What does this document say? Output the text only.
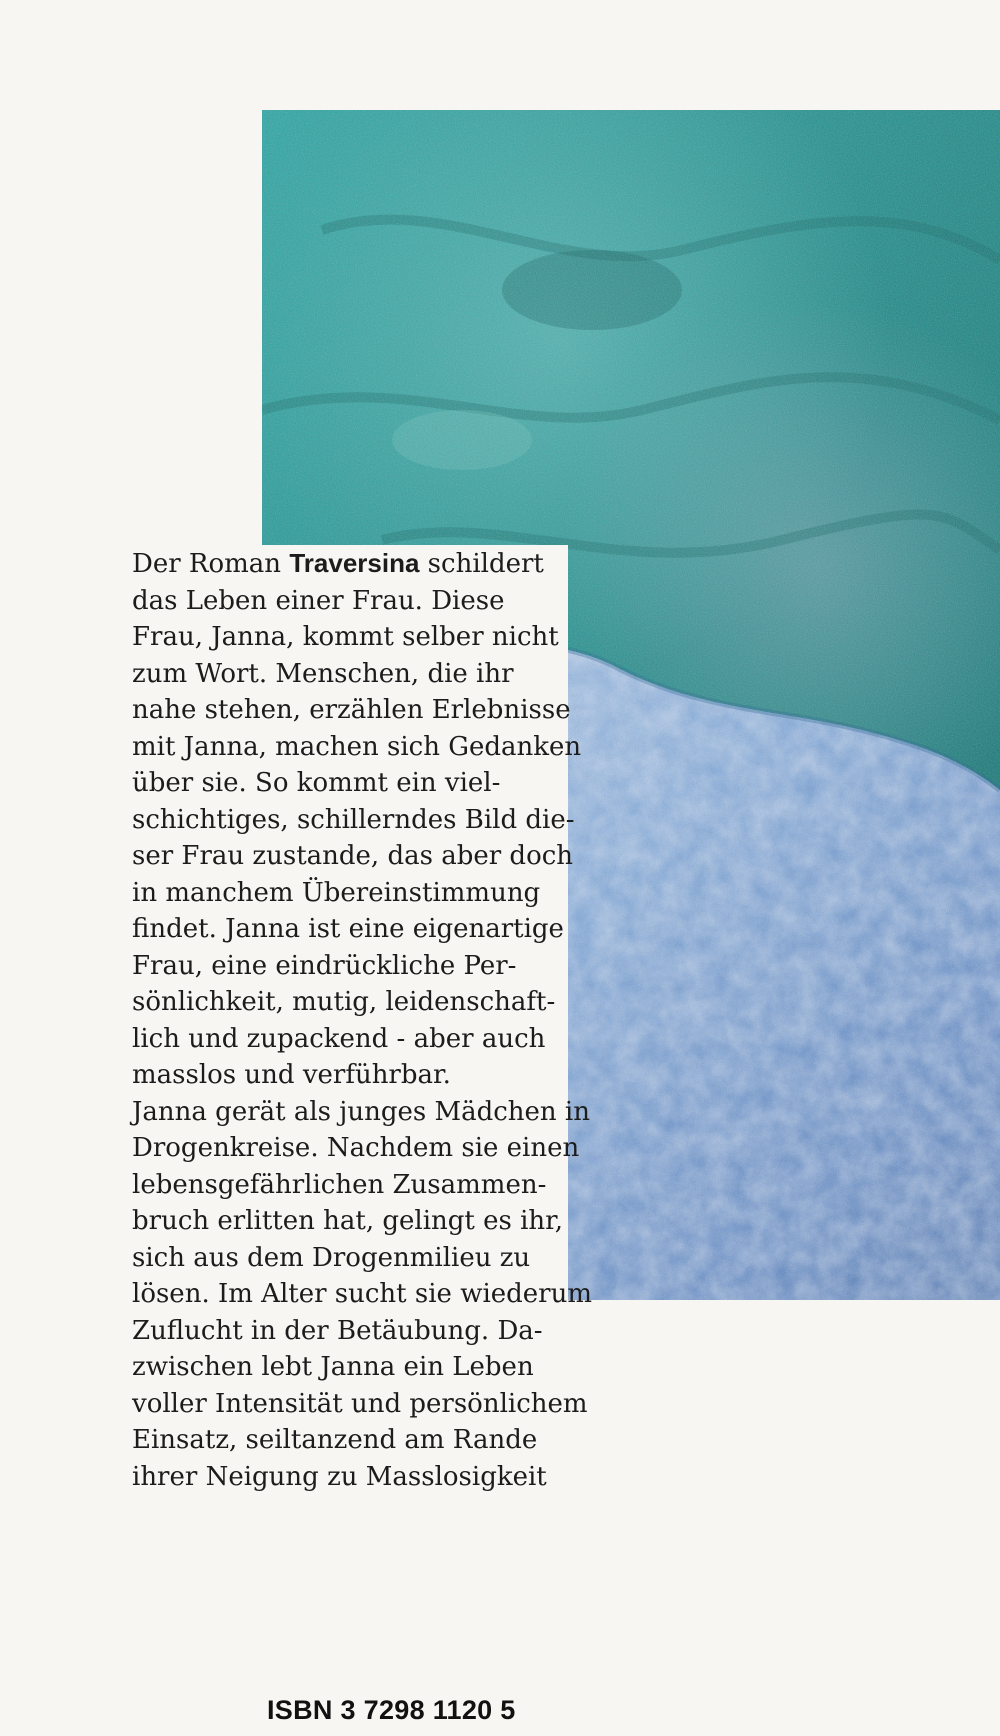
Der Roman Traversina schildert
das Leben einer Frau. Diese
Frau, Janna, kommt selber nicht
zum Wort. Menschen, die ihr
nahe stehen, erzählen Erlebnisse
mit Janna, machen sich Gedanken
über sie. So kommt ein viel-
schichtiges, schillerndes Bild die-
ser Frau zustande, das aber doch
in manchem Übereinstimmung
findet. Janna ist eine eigenartige
Frau, eine eindrückliche Per-
sönlichkeit, mutig, leidenschaft-
lich und zupackend - aber auch
masslos und verführbar.
Janna gerät als junges Mädchen in
Drogenkreise. Nachdem sie einen
lebensgefährlichen Zusammen-
bruch erlitten hat, gelingt es ihr,
sich aus dem Drogenmilieu zu
lösen. Im Alter sucht sie wiederum
Zuflucht in der Betäubung. Da-
zwischen lebt Janna ein Leben
voller Intensität und persönlichem
Einsatz, seiltanzend am Rande
ihrer Neigung zu Masslosigkeit
ISBN 3 7298 1120 5
